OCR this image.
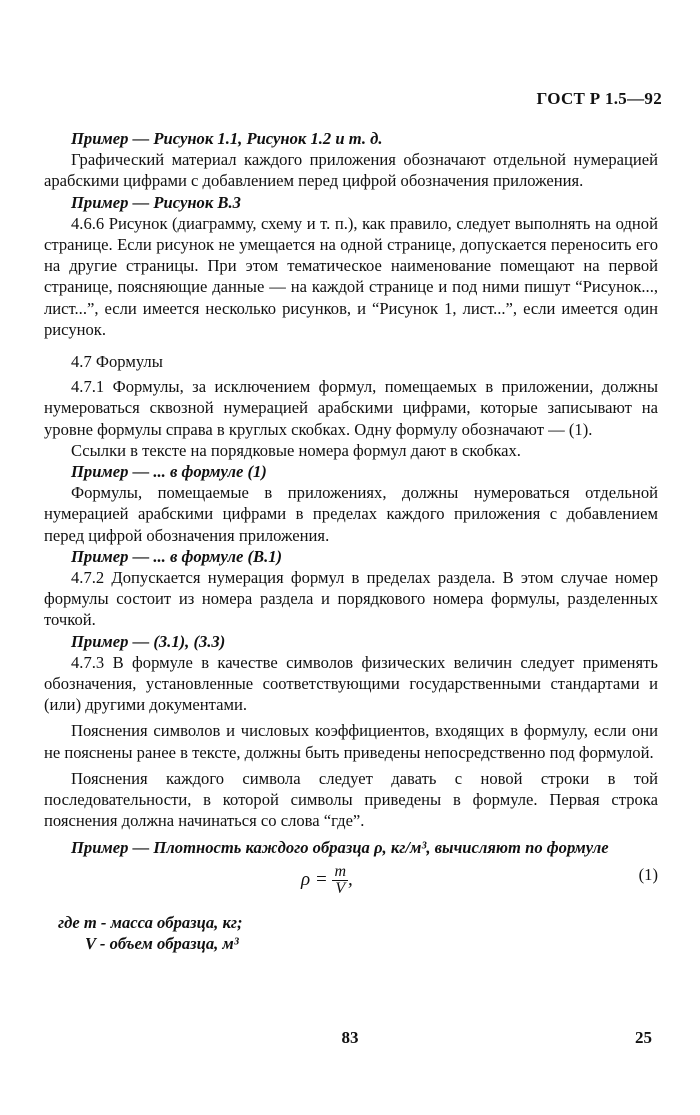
ГОСТ Р 1.5—92

Пример — Рисунок 1.1, Рисунок 1.2 и т. д.

Графический материал каждого приложения обозначают отдельной нумерацией арабскими цифрами с добавлением перед цифрой обозначения приложения.

Пример — Рисунок В.3

4.6.6 Рисунок (диаграмму, схему и т. п.), как правило, следует выполнять на одной странице. Если рисунок не умещается на одной странице, допускается переносить его на другие страницы. При этом тематическое наименование помещают на первой странице, поясняющие данные — на каждой странице и под ними пишут “Рисунок..., лист...”, если имеется несколько рисунков, и “Рисунок 1, лист...”, если имеется один рисунок.

4.7 Формулы

4.7.1 Формулы, за исключением формул, помещаемых в приложении, должны нумероваться сквозной нумерацией арабскими цифрами, которые записывают на уровне формулы справа в круглых скобках. Одну формулу обозначают — (1).

Ссылки в тексте на порядковые номера формул дают в скобках.

Пример — ... в формуле (1)

Формулы, помещаемые в приложениях, должны нумероваться отдельной нумерацией арабскими цифрами в пределах каждого приложения с добавлением перед цифрой обозначения приложения.

Пример — ... в формуле (В.1)

4.7.2 Допускается нумерация формул в пределах раздела. В этом случае номер формулы состоит из номера раздела и порядкового номера формулы, разделенных точкой.

Пример — (3.1), (3.3)

4.7.3 В формуле в качестве символов физических величин следует применять обозначения, установленные соответствующими государственными стандартами и (или) другими документами.

Пояснения символов и числовых коэффициентов, входящих в формулу, если они не пояснены ранее в тексте, должны быть приведены непосредственно под формулой.

Пояснения каждого символа следует давать с новой строки в той последовательности, в которой символы приведены в формуле. Первая строка пояснения должна начинаться со слова “где”.

Пример — Плотность каждого образца ρ, кг/м³, вычисляют по формуле

$\rho = \frac{m}{V}$ ,	(1)
где m - масса образца, кг;
V - объем образца, м³
83	25
